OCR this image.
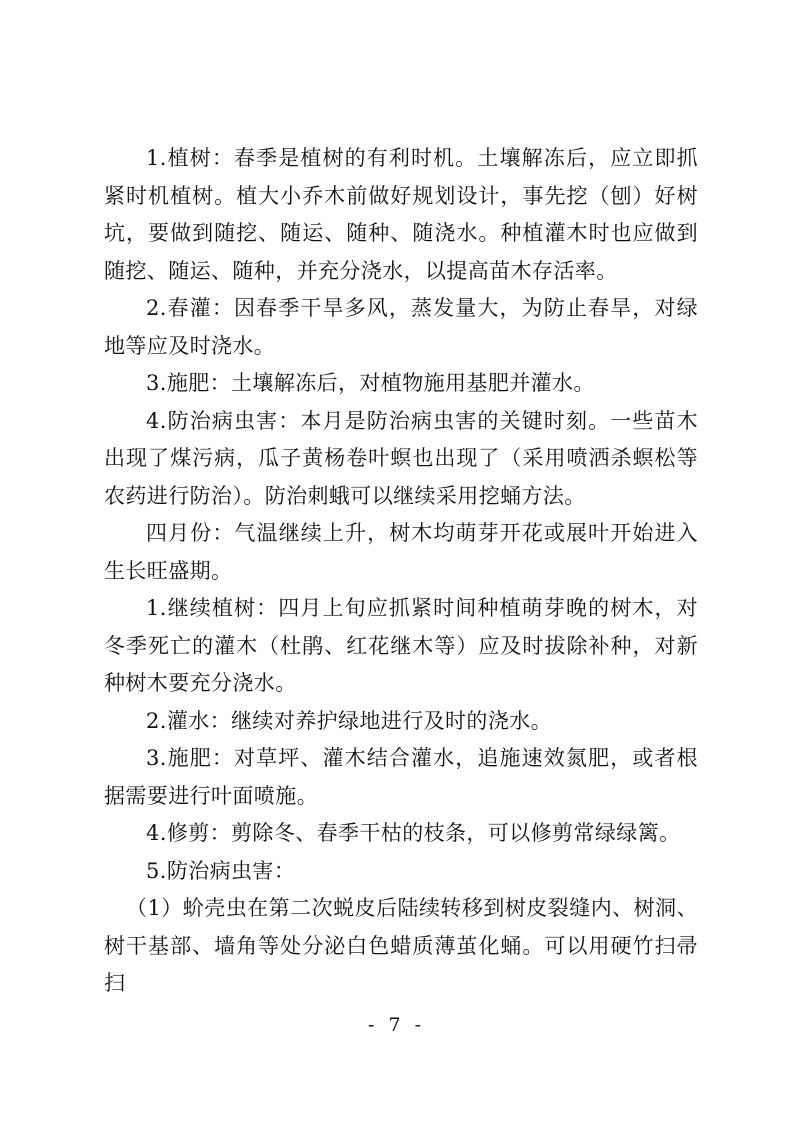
1.植树：春季是植树的有利时机。土壤解冻后，应立即抓紧时机植树。植大小乔木前做好规划设计，事先挖（刨）好树坑，要做到随挖、随运、随种、随浇水。种植灌木时也应做到随挖、随运、随种，并充分浇水，以提高苗木存活率。

2.春灌：因春季干旱多风，蒸发量大，为防止春旱，对绿地等应及时浇水。

3.施肥：土壤解冻后，对植物施用基肥并灌水。

4.防治病虫害：本月是防治病虫害的关键时刻。一些苗木出现了煤污病，瓜子黄杨卷叶螟也出现了（采用喷洒杀螟松等农药进行防治）。防治刺蛾可以继续采用挖蛹方法。

四月份：气温继续上升，树木均萌芽开花或展叶开始进入生长旺盛期。

1.继续植树：四月上旬应抓紧时间种植萌芽晚的树木，对冬季死亡的灌木（杜鹃、红花继木等）应及时拔除补种，对新种树木要充分浇水。

2.灌水：继续对养护绿地进行及时的浇水。

3.施肥：对草坪、灌木结合灌水，追施速效氮肥，或者根据需要进行叶面喷施。

4.修剪：剪除冬、春季干枯的枝条，可以修剪常绿绿篱。

5.防治病虫害：

（1）蚧壳虫在第二次蜕皮后陆续转移到树皮裂缝内、树洞、树干基部、墙角等处分泌白色蜡质薄茧化蛹。可以用硬竹扫帚扫

- 7 -
